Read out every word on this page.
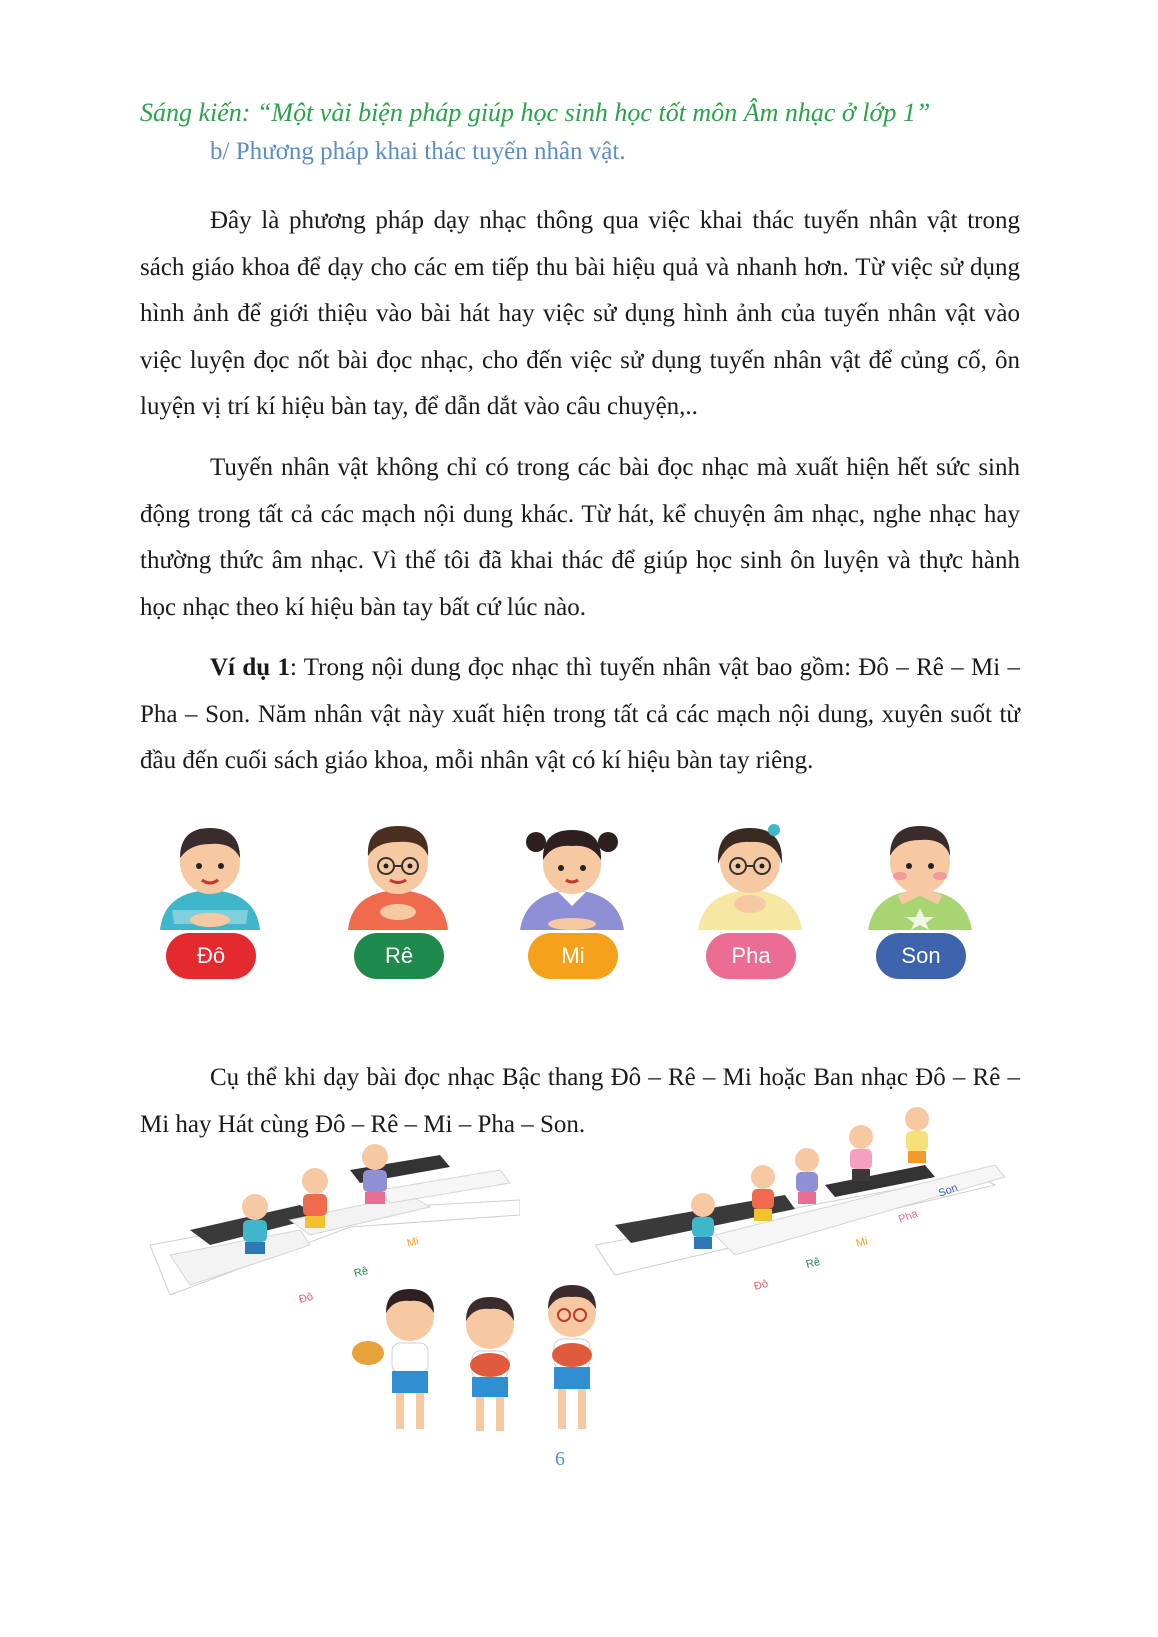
Sáng kiến: “Một vài biện pháp giúp học sinh học tốt môn Âm nhạc ở lớp 1”
b/ Phương pháp khai thác tuyến nhân vật.

Đây là phương pháp dạy nhạc thông qua việc khai thác tuyến nhân vật trong sách giáo khoa để dạy cho các em tiếp thu bài hiệu quả và nhanh hơn. Từ việc sử dụng hình ảnh để giới thiệu vào bài hát hay việc sử dụng hình ảnh của tuyến nhân vật vào việc luyện đọc nốt bài đọc nhạc, cho đến việc sử dụng tuyến nhân vật để củng cố, ôn luyện vị trí kí hiệu bàn tay, để dẫn dắt vào câu chuyện,..

Tuyến nhân vật không chỉ có trong các bài đọc nhạc mà xuất hiện hết sức sinh động trong tất cả các mạch nội dung khác. Từ hát, kể chuyện âm nhạc, nghe nhạc hay thường thức âm nhạc. Vì thế tôi đã khai thác để giúp học sinh ôn luyện và thực hành học nhạc theo kí hiệu bàn tay bất cứ lúc nào.

Ví dụ 1: Trong nội dung đọc nhạc thì tuyến nhân vật bao gồm: Đô – Rê – Mi – Pha – Son. Năm nhân vật này xuất hiện trong tất cả các mạch nội dung, xuyên suốt từ đầu đến cuối sách giáo khoa, mỗi nhân vật có kí hiệu bàn tay riêng.

Đô	Rê	Mi	Pha	Son

Cụ thể khi dạy bài đọc nhạc Bậc thang Đô – Rê – Mi hoặc Ban nhạc Đô – Rê – Mi hay Hát cùng Đô – Rê – Mi – Pha – Son.

Đô
Rê
Mi
Đô
Rê
Mi
Pha
Son
6
